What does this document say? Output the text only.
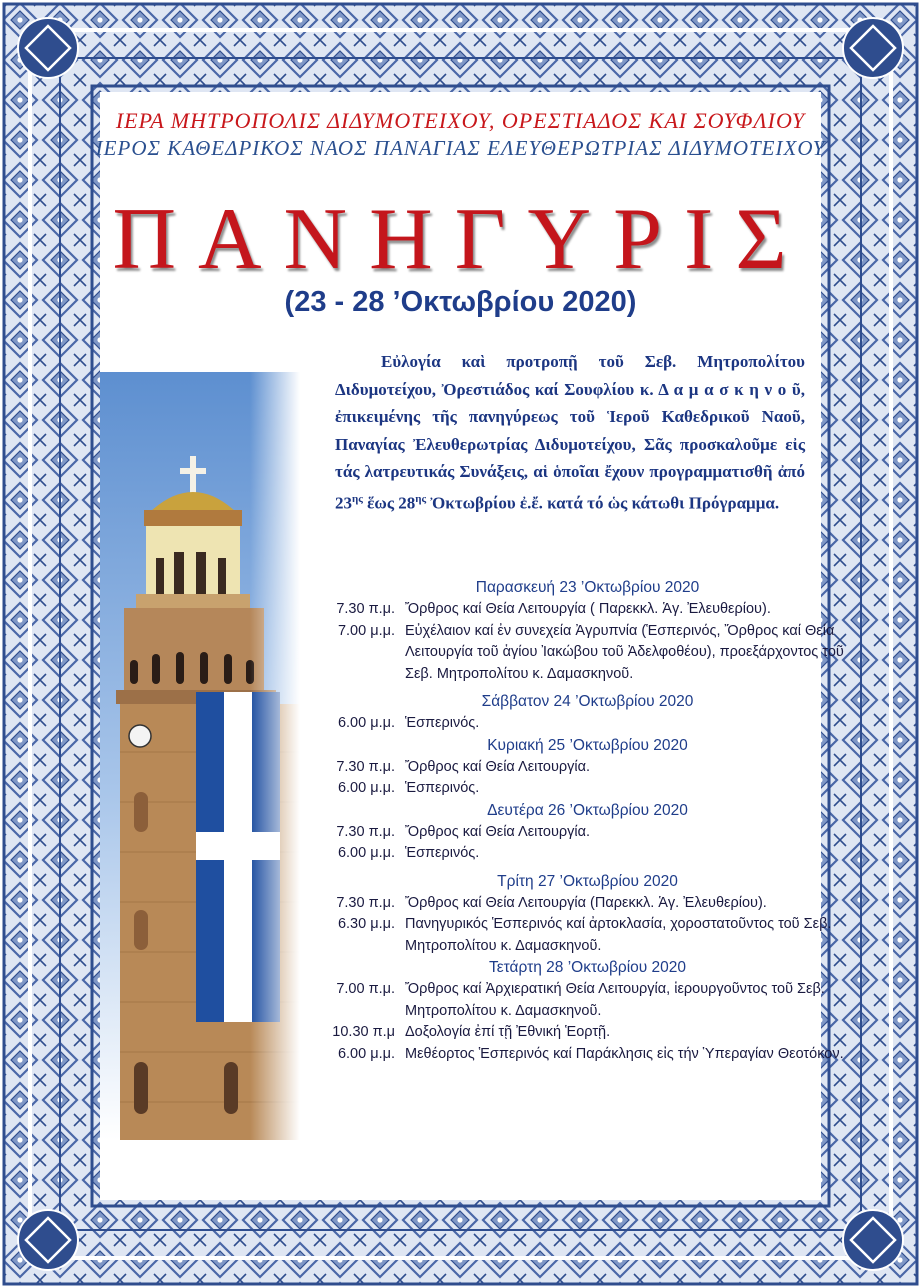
ΙΕΡΑ ΜΗΤΡΟΠΟΛΙΣ ΔΙΔΥΜΟΤΕΙΧΟΥ, ΟΡΕΣΤΙΑΔΟΣ ΚΑΙ ΣΟΥΦΛΙΟΥ
ΙΕΡΟΣ ΚΑΘΕΔΡΙΚΟΣ ΝΑΟΣ ΠΑΝΑΓΙΑΣ ΕΛΕΥΘΕΡΩΤΡΙΑΣ ΔΙΔΥΜΟΤΕΙΧΟΥ
ΠΑΝΗΓΥΡΙΣ
(23 - 28 ’Οκτωβρίου 2020)
Εὐλογία καὶ προτροπῇ τοῦ Σεβ. Μητροπολίτου Διδυμοτείχου, Ὀρεστιάδος καί Σουφλίου κ. Δ α μ α σ κ η ν ο ῦ, ἐπικειμένης τῆς πανηγύρεως τοῦ Ἱεροῦ Καθεδρικοῦ Ναοῦ, Παναγίας Ἐλευθερωτρίας Διδυμοτείχου, Σᾶς προσκαλοῦμε εἰς τάς λατρευτικάς Συνάξεις, αἱ ὁποῖαι ἔχουν προγραμματισθῆ ἀπό $23^{\eta\varsigma}$ ἕως $28^{\eta\varsigma}$ Ὀκτωβρίου ἐ.ἔ. κατά τό ὡς κάτωθι Πρόγραμμα.
Παρασκευή 23 ’Οκτωβρίου 2020
7.30 π.μ. Ὄρθρος καί Θεία Λειτουργία ( Παρεκκλ. Ἁγ. Ἐλευθερίου).
7.00 μ.μ. Εὐχέλαιον καί ἐν συνεχεία Ἀγρυπνία (Ἑσπερινός, Ὄρθρος καί Θεία Λειτουργία τοῦ ἁγίου Ἰακώβου τοῦ Ἀδελφοθέου), προεξάρχοντος τοῦ Σεβ. Μητροπολίτου κ. Δαμασκηνοῦ.
Σάββατον 24 ’Οκτωβρίου 2020
6.00 μ.μ. Ἑσπερινός.
Κυριακή 25 ’Οκτωβρίου 2020
7.30 π.μ. Ὄρθρος καί Θεία Λειτουργία.
6.00 μ.μ. Ἑσπερινός.
Δευτέρα 26 ’Οκτωβρίου 2020
7.30 π.μ. Ὄρθρος καί Θεία Λειτουργία.
6.00 μ.μ. Ἑσπερινός.
Τρίτη 27 ’Οκτωβρίου 2020
7.30 π.μ. Ὄρθρος καί Θεία Λειτουργία (Παρεκκλ. Ἁγ. Ἐλευθερίου).
6.30 μ.μ. Πανηγυρικός Ἑσπερινός καί ἀρτοκλασία, χοροστατοῦντος τοῦ Σεβ. Μητροπολίτου κ. Δαμασκηνοῦ.
Τετάρτη 28 ’Οκτωβρίου 2020
7.00 π.μ. Ὄρθρος καί Ἀρχιερατική Θεία Λειτουργία, ἱερουργοῦντος τοῦ Σεβ. Μητροπολίτου κ. Δαμασκηνοῦ.
10.30 π.μ Δοξολογία ἐπί τῇ Ἐθνική Ἑορτῇ.
6.00 μ.μ. Μεθέορτος Ἑσπερινός καί Παράκλησις εἰς τήν Ὑπεραγίαν Θεοτόκον.
